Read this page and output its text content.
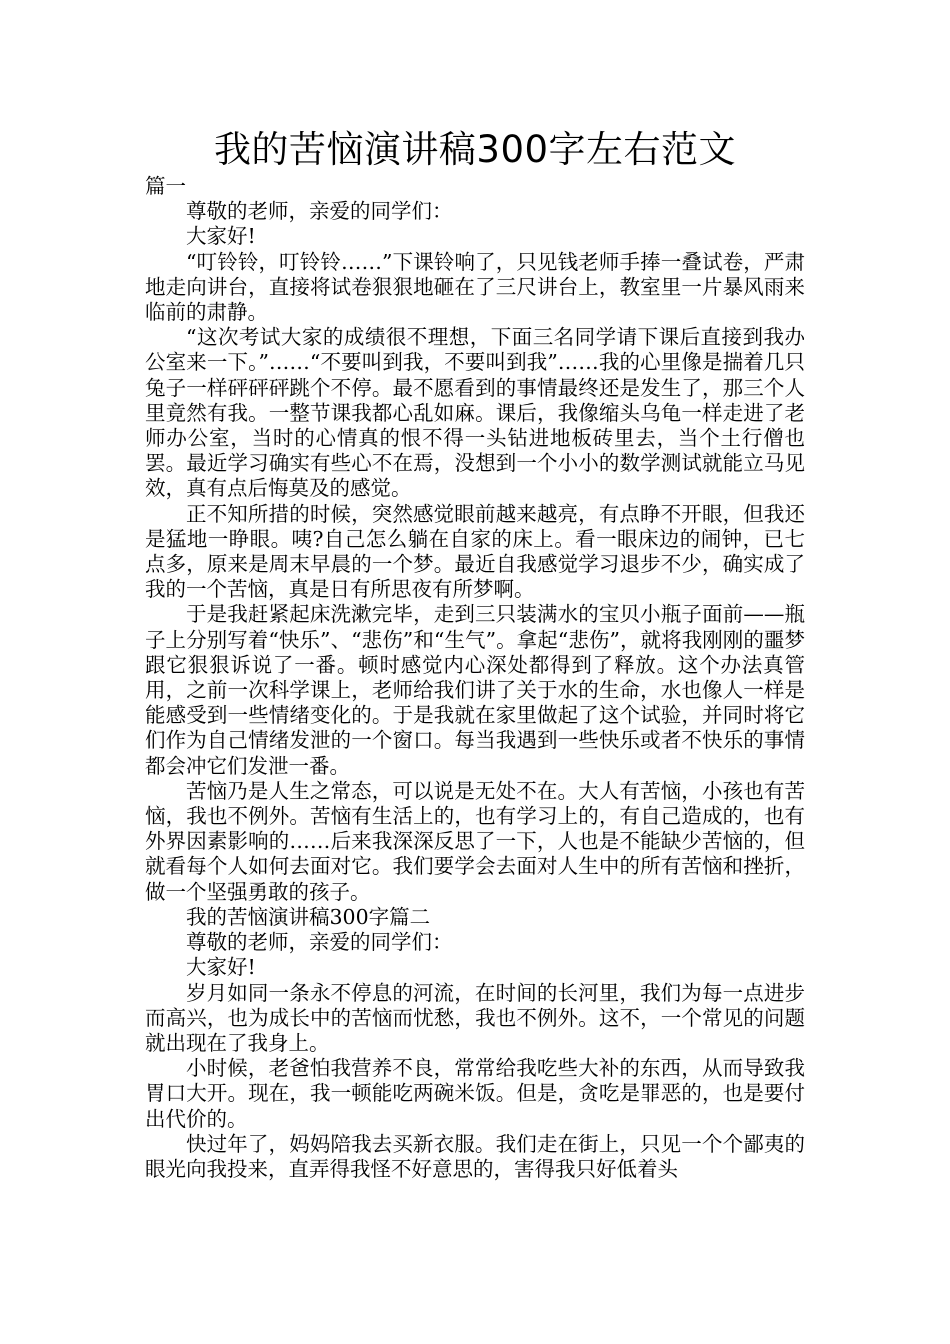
我的苦恼演讲稿300字左右范文

篇一

尊敬的老师，亲爱的同学们：

大家好!

“叮铃铃，叮铃铃……”下课铃响了，只见钱老师手捧一叠试卷，严肃地走向讲台，直接将试卷狠狠地砸在了三尺讲台上，教室里一片暴风雨来临前的肃静。

“这次考试大家的成绩很不理想，下面三名同学请下课后直接到我办公室来一下。”……“不要叫到我，不要叫到我”……我的心里像是揣着几只兔子一样砰砰砰跳个不停。最不愿看到的事情最终还是发生了，那三个人里竟然有我。一整节课我都心乱如麻。课后，我像缩头乌龟一样走进了老师办公室，当时的心情真的恨不得一头钻进地板砖里去，当个土行僧也罢。最近学习确实有些心不在焉，没想到一个小小的数学测试就能立马见效，真有点后悔莫及的感觉。

正不知所措的时候，突然感觉眼前越来越亮，有点睁不开眼，但我还是猛地一睁眼。咦?自己怎么躺在自家的床上。看一眼床边的闹钟，已七点多，原来是周末早晨的一个梦。最近自我感觉学习退步不少，确实成了我的一个苦恼，真是日有所思夜有所梦啊。

于是我赶紧起床洗漱完毕，走到三只装满水的宝贝小瓶子面前——瓶子上分别写着“快乐”、“悲伤”和“生气”。拿起“悲伤”，就将我刚刚的噩梦跟它狠狠诉说了一番。顿时感觉内心深处都得到了释放。这个办法真管用，之前一次科学课上，老师给我们讲了关于水的生命，水也像人一样是能感受到一些情绪变化的。于是我就在家里做起了这个试验，并同时将它们作为自己情绪发泄的一个窗口。每当我遇到一些快乐或者不快乐的事情都会冲它们发泄一番。

苦恼乃是人生之常态，可以说是无处不在。大人有苦恼，小孩也有苦恼，我也不例外。苦恼有生活上的，也有学习上的，有自己造成的，也有外界因素影响的……后来我深深反思了一下，人也是不能缺少苦恼的，但就看每个人如何去面对它。我们要学会去面对人生中的所有苦恼和挫折，做一个坚强勇敢的孩子。

我的苦恼演讲稿300字篇二

尊敬的老师，亲爱的同学们：

大家好!

岁月如同一条永不停息的河流，在时间的长河里，我们为每一点进步而高兴，也为成长中的苦恼而忧愁，我也不例外。这不，一个常见的问题就出现在了我身上。

小时候，老爸怕我营养不良，常常给我吃些大补的东西，从而导致我胃口大开。现在，我一顿能吃两碗米饭。但是，贪吃是罪恶的，也是要付出代价的。

快过年了，妈妈陪我去买新衣服。我们走在街上，只见一个个鄙夷的眼光向我投来，直弄得我怪不好意思的，害得我只好低着头
